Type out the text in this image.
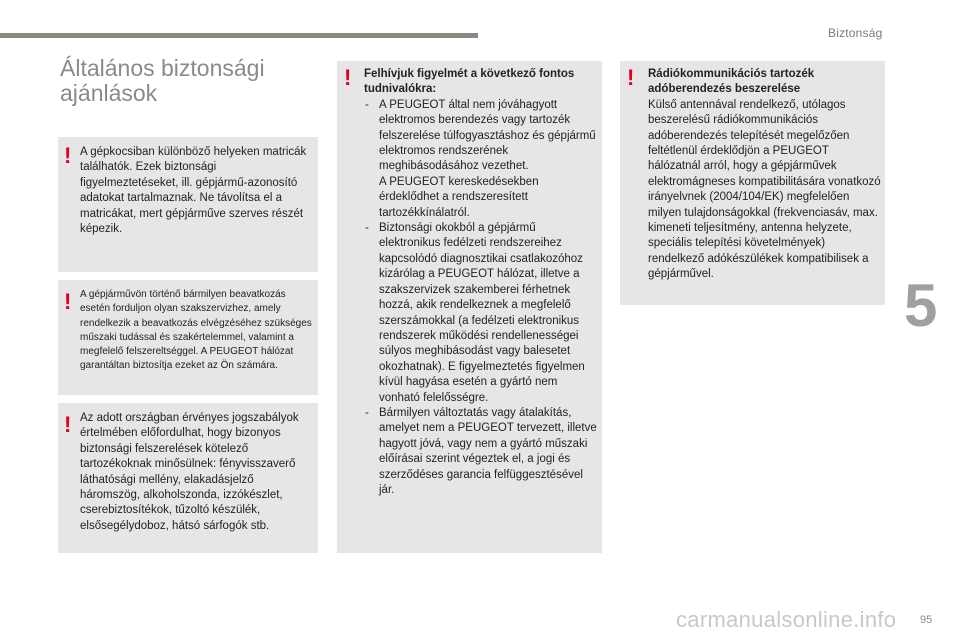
Biztonság
5
Általános biztonsági
ajánlások
! A gépkocsiban különböző helyeken matricák találhatók. Ezek biztonsági figyelmeztetéseket, ill. gépjármű-azonosító adatokat tartalmaznak. Ne távolítsa el a matricákat, mert gépjárműve szerves részét képezik.

! A gépjárművön történő bármilyen beavatkozás esetén forduljon olyan szakszervizhez, amely rendelkezik a beavatkozás elvégzéséhez szükséges műszaki tudással és szakértelemmel, valamint a megfelelő felszereltséggel. A PEUGEOT hálózat garantáltan biztosítja ezeket az Ön számára.

! Az adott országban érvényes jogszabályok értelmében előfordulhat, hogy bizonyos biztonsági felszerelések kötelező tartozékoknak minősülnek: fényvisszaverő láthatósági mellény, elakadásjelző háromszög, alkoholszonda, izzókészlet, cserebiztosítékok, tűzoltó készülék, elsősegélydoboz, hátsó sárfogók stb.

! Felhívjuk figyelmét a következő fontos tudnivalókra:

- A PEUGEOT által nem jóváhagyott elektromos berendezés vagy tartozék felszerelése túlfogyasztáshoz és gépjármű elektromos rendszerének meghibásodásához vezethet.
A PEUGEOT kereskedésekben érdeklődhet a rendszeresített tartozékkínálatról.
- Biztonsági okokból a gépjármű elektronikus fedélzeti rendszereihez kapcsolódó diagnosztikai csatlakozóhoz kizárólag a PEUGEOT hálózat, illetve a szakszervizek szakemberei férhetnek hozzá, akik rendelkeznek a megfelelő szerszámokkal (a fedélzeti elektronikus rendszerek működési rendellenességei súlyos meghibásodást vagy balesetet okozhatnak). E figyelmeztetés figyelmen kívül hagyása esetén a gyártó nem vonható felelősségre.
- Bármilyen változtatás vagy átalakítás, amelyet nem a PEUGEOT tervezett, illetve hagyott jóvá, vagy nem a gyártó műszaki előírásai szerint végeztek el, a jogi és szerződéses garancia felfüggesztésével jár.
! Rádiókommunikációs tartozék adóberendezés beszerelése

Külső antennával rendelkező, utólagos beszerelésű rádiókommunikációs adóberendezés telepítését megelőzően feltétlenül érdeklődjön a PEUGEOT hálózatnál arról, hogy a gépjárművek elektromágneses kompatibilitására vonatkozó irányelvnek (2004/104/EK) megfelelően milyen tulajdonságokkal (frekvenciasáv, max. kimeneti teljesítmény, antenna helyzete, speciális telepítési követelmények) rendelkező adókészülékek kompatibilisek a gépjárművel.

carmanualsonline.info 95
